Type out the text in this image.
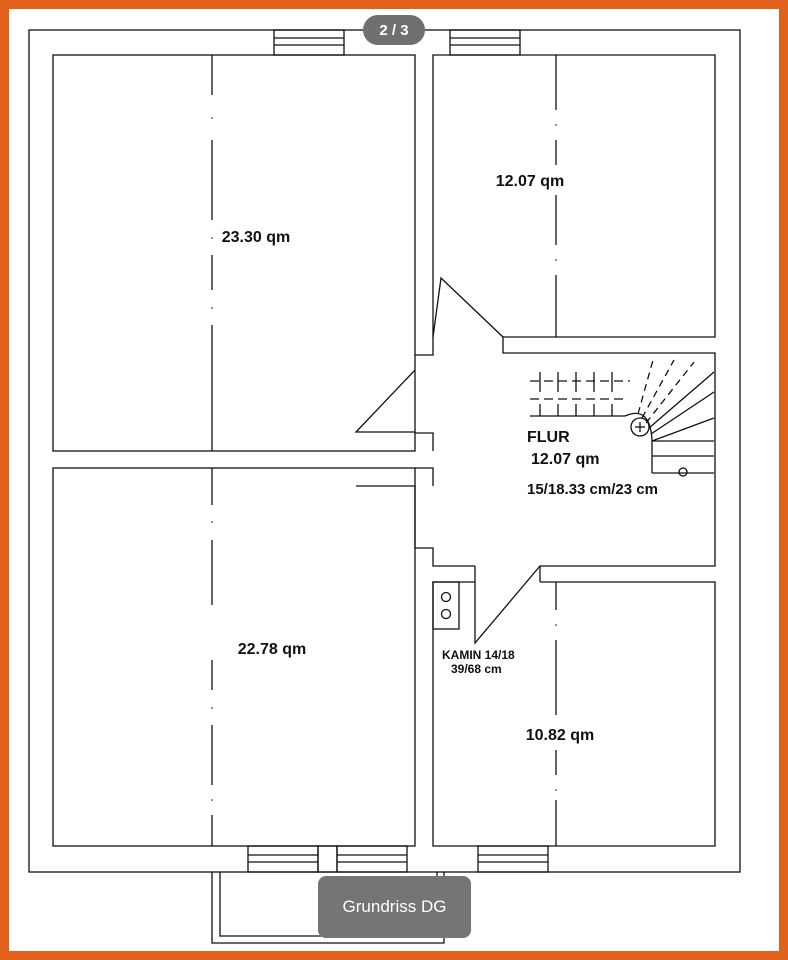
23.30 qm
12.07 qm
22.78 qm
10.82 qm
FLUR
12.07 qm
15/18.33 cm/23 cm
KAMIN 14/18
39/68 cm
2 / 3
Grundriss DG
